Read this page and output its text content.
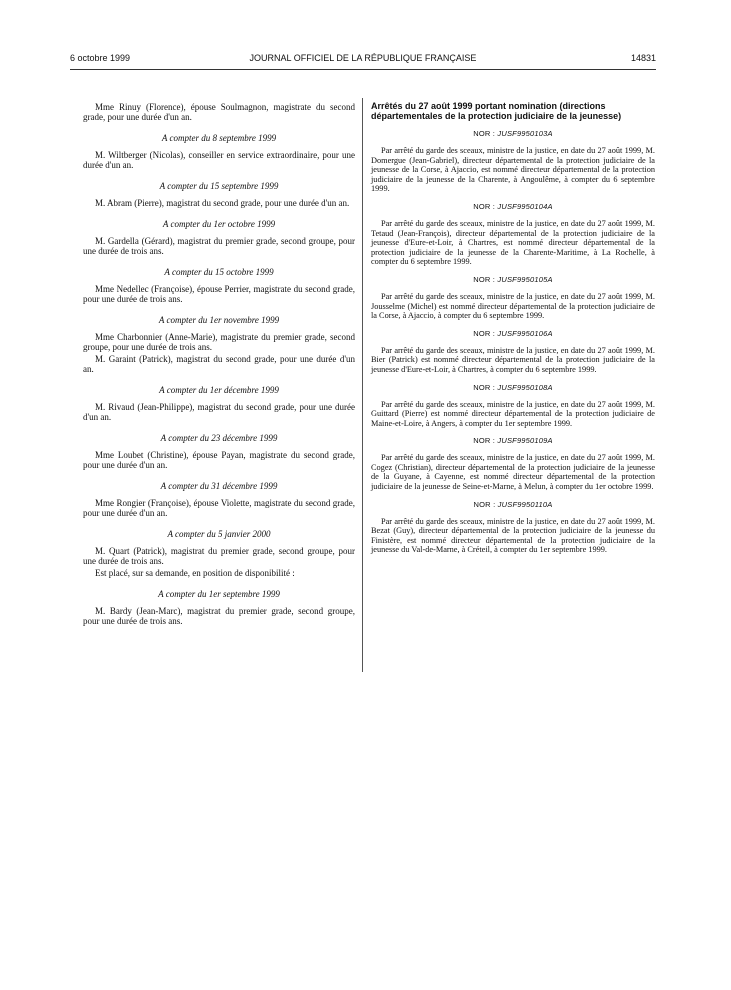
6 octobre 1999	JOURNAL OFFICIEL DE LA RÉPUBLIQUE FRANÇAISE	14831

Mme Rinuy (Florence), épouse Soulmagnon, magistrate du second grade, pour une durée d'un an.

A compter du 8 septembre 1999

M. Wiltberger (Nicolas), conseiller en service extraordinaire, pour une durée d'un an.

A compter du 15 septembre 1999

M. Abram (Pierre), magistrat du second grade, pour une durée d'un an.

A compter du 1er octobre 1999

M. Gardella (Gérard), magistrat du premier grade, second groupe, pour une durée de trois ans.

A compter du 15 octobre 1999

Mme Nedellec (Françoise), épouse Perrier, magistrate du second grade, pour une durée de trois ans.

A compter du 1er novembre 1999

Mme Charbonnier (Anne-Marie), magistrate du premier grade, second groupe, pour une durée de trois ans.

M. Garaint (Patrick), magistrat du second grade, pour une durée d'un an.

A compter du 1er décembre 1999

M. Rivaud (Jean-Philippe), magistrat du second grade, pour une durée d'un an.

A compter du 23 décembre 1999

Mme Loubet (Christine), épouse Payan, magistrate du second grade, pour une durée d'un an.

A compter du 31 décembre 1999

Mme Rongier (Françoise), épouse Violette, magistrate du second grade, pour une durée d'un an.

A compter du 5 janvier 2000

M. Quart (Patrick), magistrat du premier grade, second groupe, pour une durée de trois ans.

Est placé, sur sa demande, en position de disponibilité :

A compter du 1er septembre 1999

M. Bardy (Jean-Marc), magistrat du premier grade, second groupe, pour une durée de trois ans.

Arrêtés du 27 août 1999 portant nomination (directions départementales de la protection judiciaire de la jeunesse)
NOR : JUSF9950103A

Par arrêté du garde des sceaux, ministre de la justice, en date du 27 août 1999, M. Domergue (Jean-Gabriel), directeur départemental de la protection judiciaire de la jeunesse de la Corse, à Ajaccio, est nommé directeur départemental de la protection judiciaire de la jeunesse de la Charente, à Angoulême, à compter du 6 septembre 1999.

NOR : JUSF9950104A

Par arrêté du garde des sceaux, ministre de la justice, en date du 27 août 1999, M. Tetaud (Jean-François), directeur départemental de la protection judiciaire de la jeunesse d'Eure-et-Loir, à Chartres, est nommé directeur départemental de la protection judiciaire de la jeunesse de la Charente-Maritime, à La Rochelle, à compter du 6 septembre 1999.

NOR : JUSF9950105A

Par arrêté du garde des sceaux, ministre de la justice, en date du 27 août 1999, M. Jousselme (Michel) est nommé directeur départemental de la protection judiciaire de la Corse, à Ajaccio, à compter du 6 septembre 1999.

NOR : JUSF9950106A

Par arrêté du garde des sceaux, ministre de la justice, en date du 27 août 1999, M. Bier (Patrick) est nommé directeur départemental de la protection judiciaire de la jeunesse d'Eure-et-Loir, à Chartres, à compter du 6 septembre 1999.

NOR : JUSF9950108A

Par arrêté du garde des sceaux, ministre de la justice, en date du 27 août 1999, M. Guittard (Pierre) est nommé directeur départemental de la protection judiciaire de Maine-et-Loire, à Angers, à compter du 1er septembre 1999.

NOR : JUSF9950109A

Par arrêté du garde des sceaux, ministre de la justice, en date du 27 août 1999, M. Cogez (Christian), directeur départemental de la protection judiciaire de la jeunesse de la Guyane, à Cayenne, est nommé directeur départemental de la protection judiciaire de la jeunesse de Seine-et-Marne, à Melun, à compter du 1er octobre 1999.

NOR : JUSF9950110A

Par arrêté du garde des sceaux, ministre de la justice, en date du 27 août 1999, M. Bezat (Guy), directeur départemental de la protection judiciaire de la jeunesse du Finistère, est nommé directeur départemental de la protection judiciaire de la jeunesse du Val-de-Marne, à Créteil, à compter du 1er septembre 1999.
